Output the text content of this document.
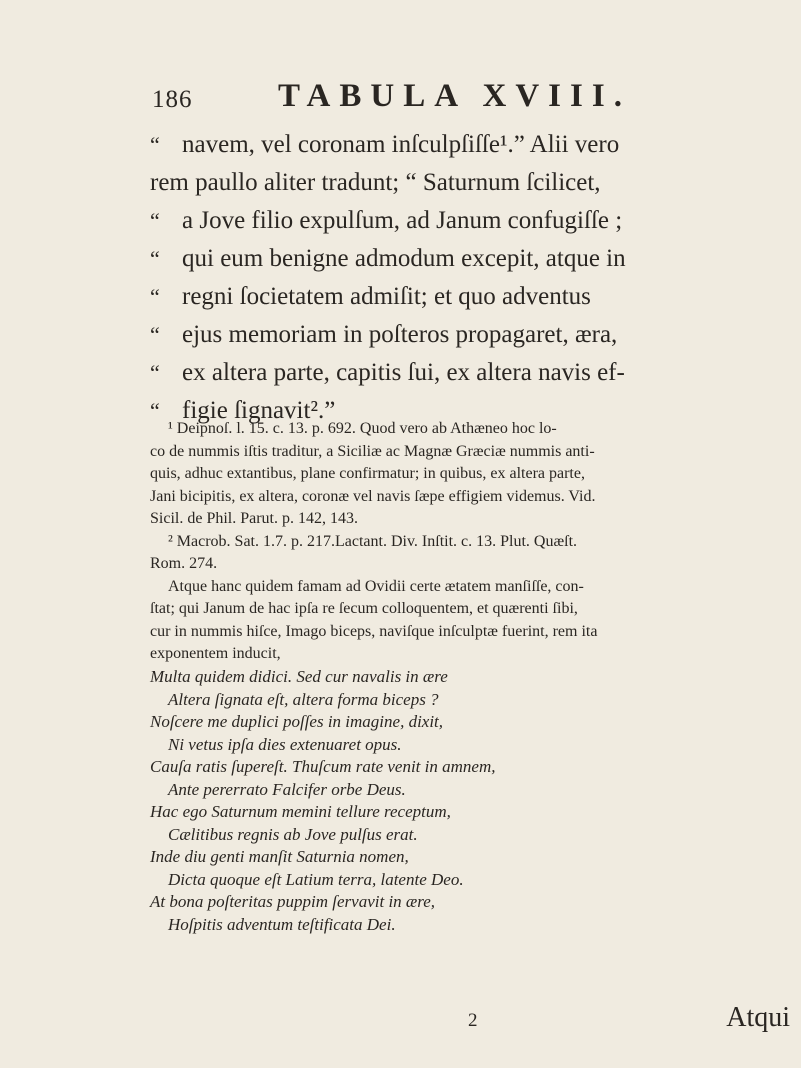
186	TABULA XVIII.
“ navem, vel coronam inſculpſiſſe¹.” Alii vero
rem paullo aliter tradunt; “ Saturnum ſcilicet,
“ a Jove filio expulſum, ad Janum confugiſſe ;
“ qui eum benigne admodum excepit, atque in
“ regni ſocietatem admiſit; et quo adventus
“ ejus memoriam in poſteros propagaret, æra,
“ ex altera parte, capitis ſui, ex altera navis ef-
“ figie ſignavit².”
¹ Deipnoſ. l. 15. c. 13. p. 692. Quod vero ab Athæneo hoc lo-
co de nummis iſtis traditur, a Siciliæ ac Magnæ Græciæ nummis anti-
quis, adhuc extantibus, plane confirmatur; in quibus, ex altera parte,
Jani bicipitis, ex altera, coronæ vel navis ſæpe effigiem videmus. Vid.
Sicil. de Phil. Parut. p. 142, 143.
² Macrob. Sat. 1.7. p. 217.Lactant. Div. Inſtit. c. 13. Plut. Quæſt.
Rom. 274.
Atque hanc quidem famam ad Ovidii certe ætatem manſiſſe, con-
ſtat; qui Janum de hac ipſa re ſecum colloquentem, et quærenti ſibi,
cur in nummis hiſce, Imago biceps, naviſque inſculptæ fuerint, rem ita
exponentem inducit,
Multa quidem didici. Sed cur navalis in ære
Altera ſignata eſt, altera forma biceps ?
Noſcere me duplici poſſes in imagine, dixit,
Ni vetus ipſa dies extenuaret opus.
Cauſa ratis ſupereſt. Thuſcum rate venit in amnem,
Ante pererrato Falcifer orbe Deus.
Hac ego Saturnum memini tellure receptum,
Cælitibus regnis ab Jove pulſus erat.
Inde diu genti manſit Saturnia nomen,
Dicta quoque eſt Latium terra, latente Deo.
At bona poſteritas puppim ſervavit in ære,
Hoſpitis adventum teſtificata Dei.
2	Atqui
